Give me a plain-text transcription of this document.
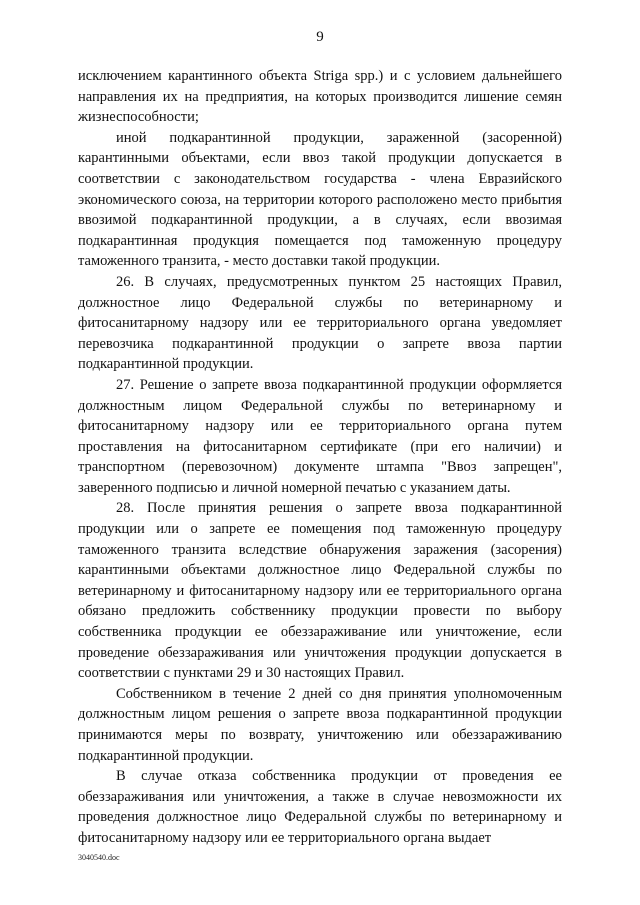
9

исключением карантинного объекта Striga spp.) и с условием дальнейшего направления их на предприятия, на которых производится лишение семян жизнеспособности;

иной подкарантинной продукции, зараженной (засоренной) карантинными объектами, если ввоз такой продукции допускается в соответствии с законодательством государства - члена Евразийского экономического союза, на территории которого расположено место прибытия ввозимой подкарантинной продукции, а в случаях, если ввозимая подкарантинная продукция помещается под таможенную процедуру таможенного транзита, - место доставки такой продукции.

26. В случаях, предусмотренных пунктом 25 настоящих Правил, должностное лицо Федеральной службы по ветеринарному и фитосанитарному надзору или ее территориального органа уведомляет перевозчика подкарантинной продукции о запрете ввоза партии подкарантинной продукции.

27. Решение о запрете ввоза подкарантинной продукции оформляется должностным лицом Федеральной службы по ветеринарному и фитосанитарному надзору или ее территориального органа путем проставления на фитосанитарном сертификате (при его наличии) и транспортном (перевозочном) документе штампа "Ввоз запрещен", заверенного подписью и личной номерной печатью с указанием даты.

28. После принятия решения о запрете ввоза подкарантинной продукции или о запрете ее помещения под таможенную процедуру таможенного транзита вследствие обнаружения заражения (засорения) карантинными объектами должностное лицо Федеральной службы по ветеринарному и фитосанитарному надзору или ее территориального органа обязано предложить собственнику продукции провести по выбору собственника продукции ее обеззараживание или уничтожение, если проведение обеззараживания или уничтожения продукции допускается в соответствии с пунктами 29 и 30 настоящих Правил.

Собственником в течение 2 дней со дня принятия уполномоченным должностным лицом решения о запрете ввоза подкарантинной продукции принимаются меры по возврату, уничтожению или обеззараживанию подкарантинной продукции.

В случае отказа собственника продукции от проведения ее обеззараживания или уничтожения, а также в случае невозможности их проведения должностное лицо Федеральной службы по ветеринарному и фитосанитарному надзору или ее территориального органа выдает

3040540.doc
